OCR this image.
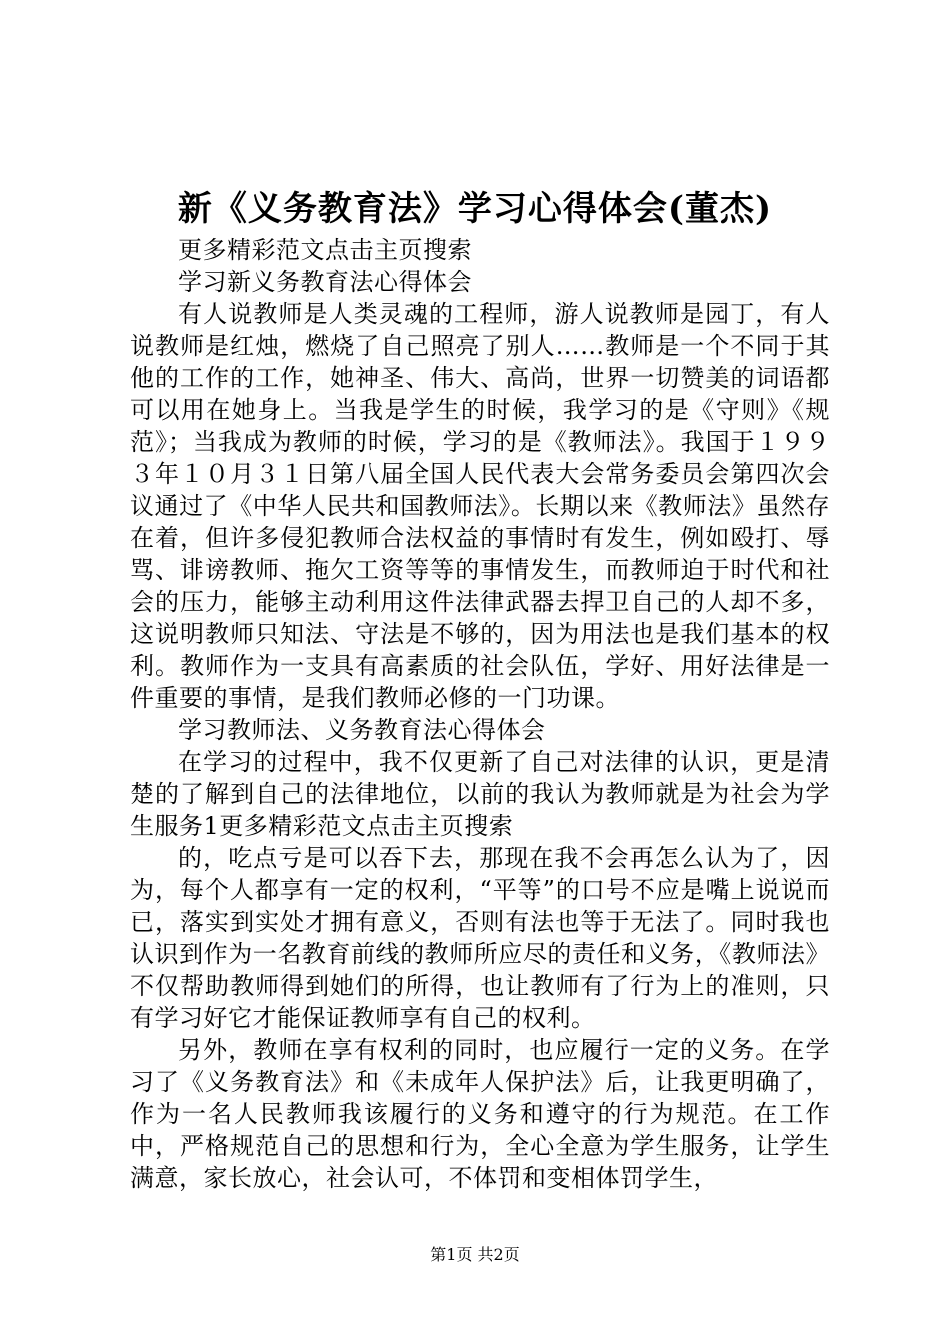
新《义务教育法》学习心得体会(董杰)

更多精彩范文点击主页搜索

学习新义务教育法心得体会

有人说教师是人类灵魂的工程师，游人说教师是园丁，有人说教师是红烛，燃烧了自己照亮了别人……教师是一个不同于其他的工作的工作，她神圣、伟大、高尚，世界一切赞美的词语都可以用在她身上。当我是学生的时候，我学习的是《守则》《规范》；当我成为教师的时候，学习的是《教师法》。我国于１９９３年１０月３１日第八届全国人民代表大会常务委员会第四次会议通过了《中华人民共和国教师法》。长期以来《教师法》虽然存在着，但许多侵犯教师合法权益的事情时有发生，例如殴打、辱骂、诽谤教师、拖欠工资等等的事情发生，而教师迫于时代和社会的压力，能够主动利用这件法律武器去捍卫自己的人却不多，这说明教师只知法、守法是不够的，因为用法也是我们基本的权利。教师作为一支具有高素质的社会队伍，学好、用好法律是一件重要的事情，是我们教师必修的一门功课。

学习教师法、义务教育法心得体会

在学习的过程中，我不仅更新了自己对法律的认识，更是清楚的了解到自己的法律地位，以前的我认为教师就是为社会为学生服务1更多精彩范文点击主页搜索

的，吃点亏是可以吞下去，那现在我不会再怎么认为了，因为，每个人都享有一定的权利，“平等”的口号不应是嘴上说说而已，落实到实处才拥有意义，否则有法也等于无法了。同时我也认识到作为一名教育前线的教师所应尽的责任和义务，《教师法》不仅帮助教师得到她们的所得，也让教师有了行为上的准则，只有学习好它才能保证教师享有自己的权利。

另外，教师在享有权利的同时，也应履行一定的义务。在学习了《义务教育法》和《未成年人保护法》后，让我更明确了，作为一名人民教师我该履行的义务和遵守的行为规范。在工作中，严格规范自己的思想和行为，全心全意为学生服务，让学生满意，家长放心，社会认可，不体罚和变相体罚学生，

第1页 共2页
